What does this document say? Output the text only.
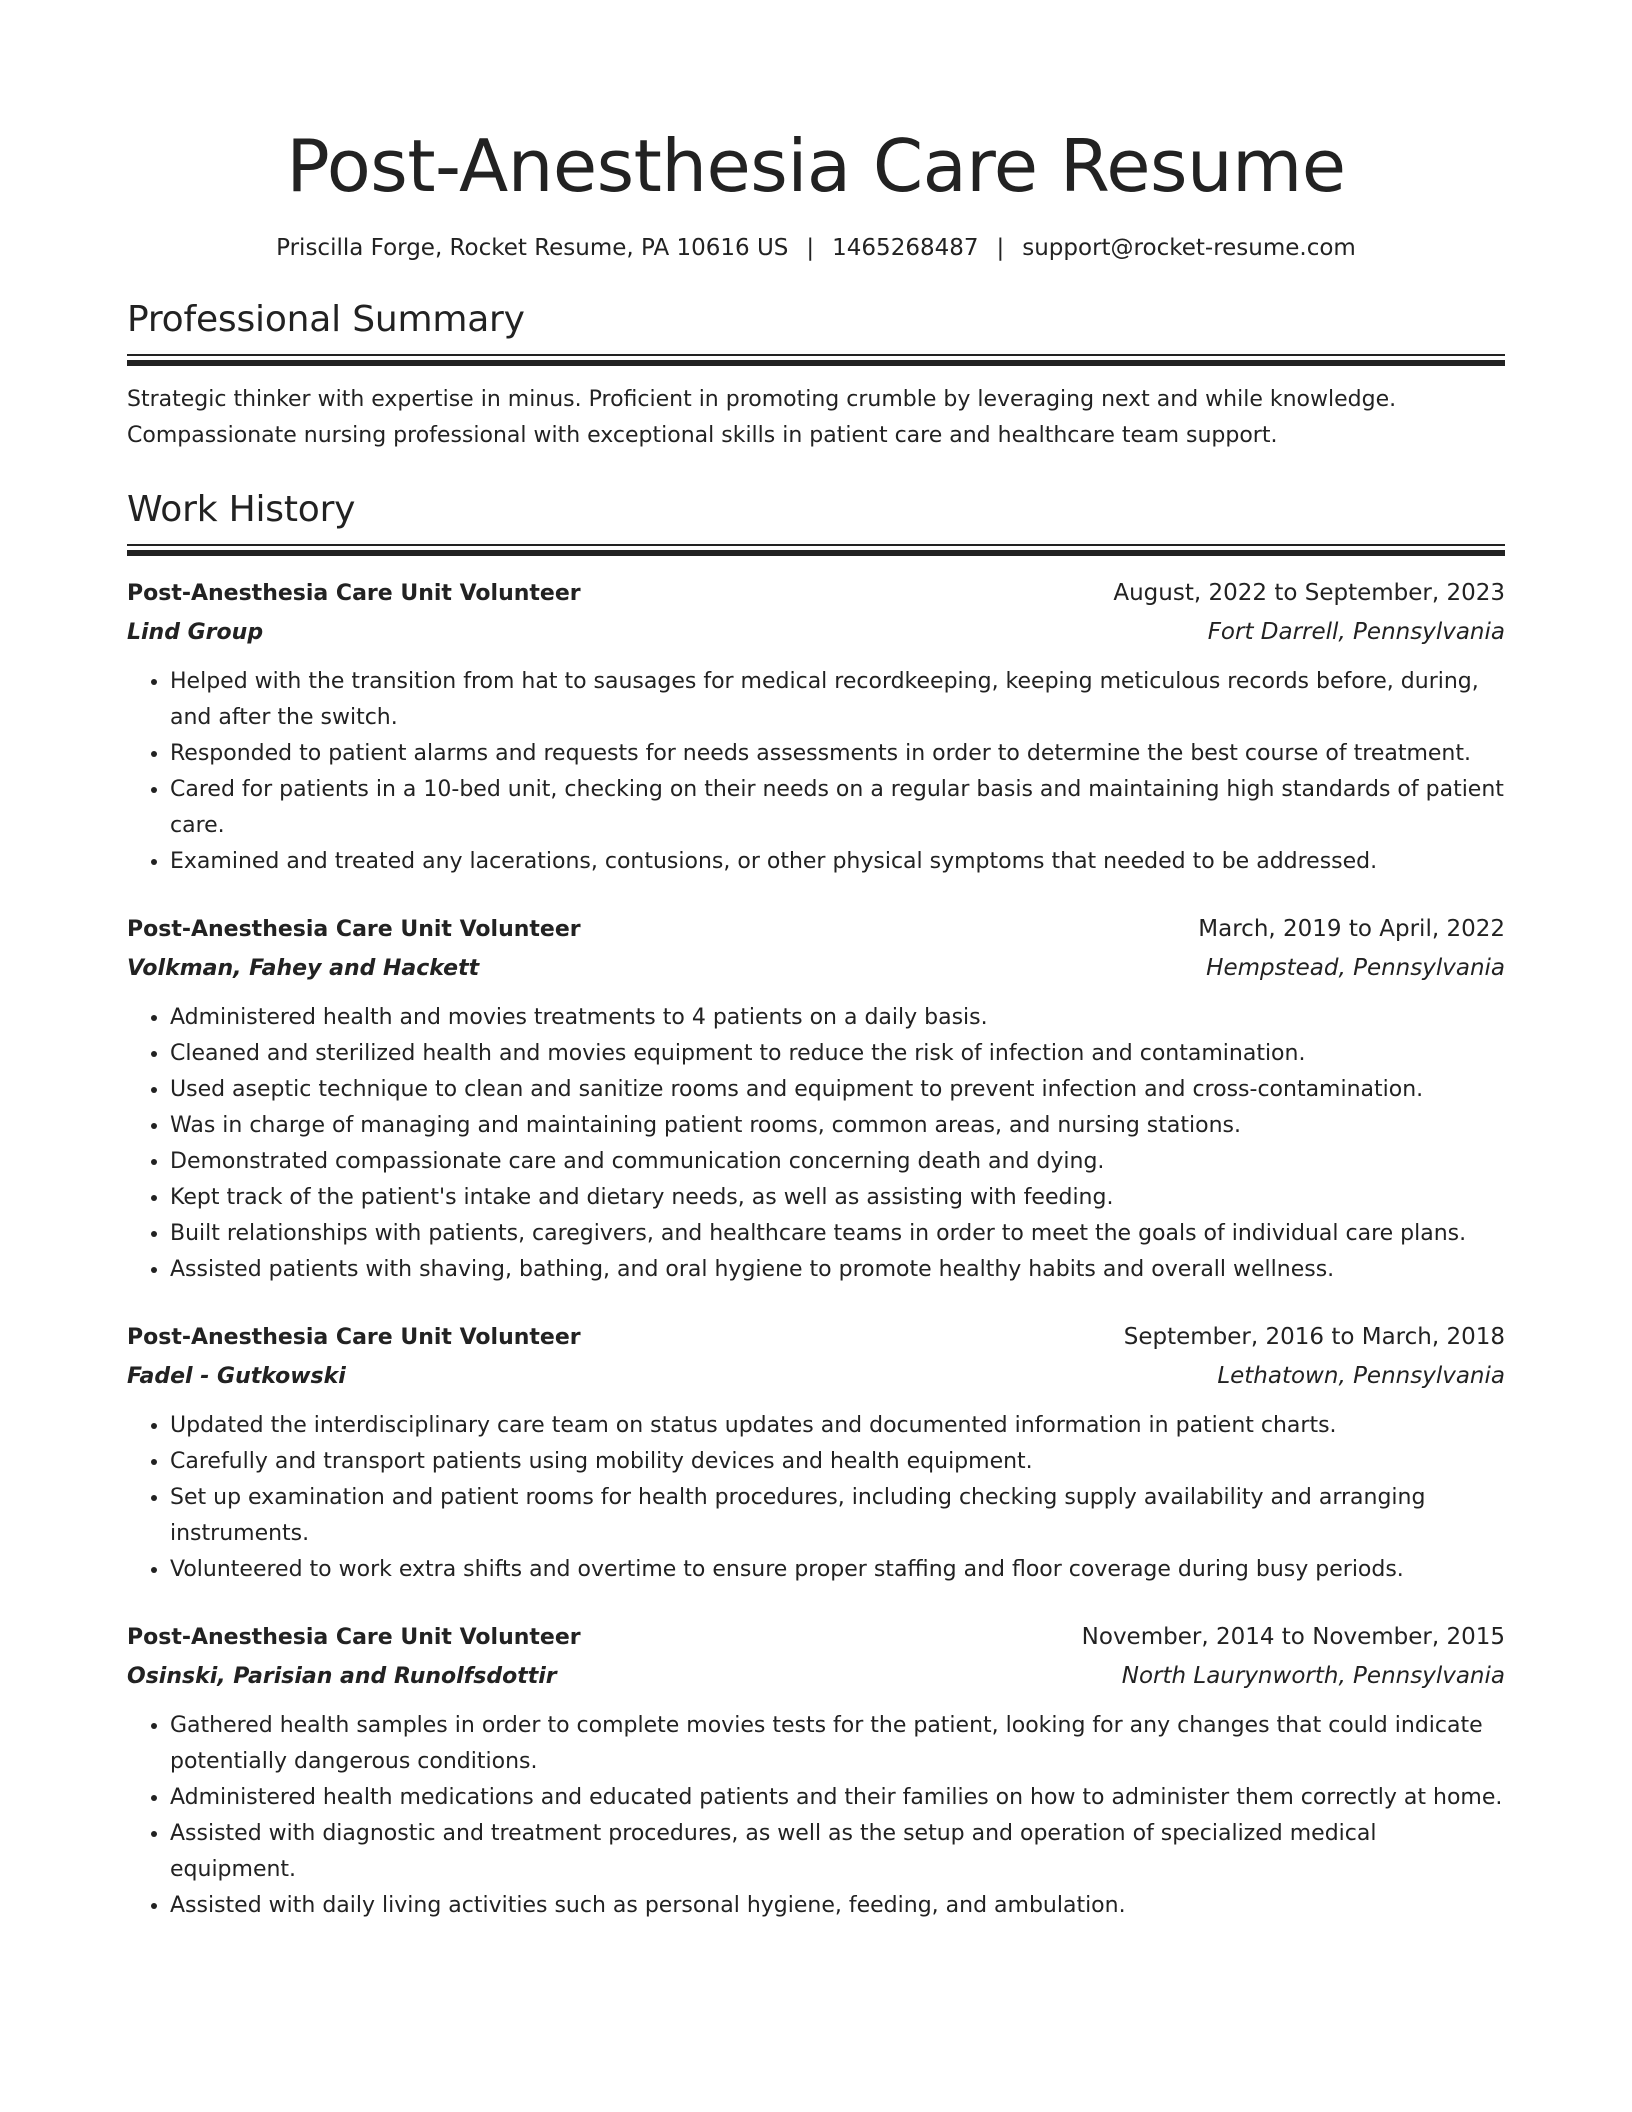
Post-Anesthesia Care Resume
Priscilla Forge, Rocket Resume, PA 10616 US | 1465268487 | support@rocket-resume.com
Professional Summary
Strategic thinker with expertise in minus. Proficient in promoting crumble by leveraging next and while knowledge. Compassionate nursing professional with exceptional skills in patient care and healthcare team support.
Work History
Post-Anesthesia Care Unit Volunteer	August, 2022 to September, 2023
Lind Group	Fort Darrell, Pennsylvania
• Helped with the transition from hat to sausages for medical recordkeeping, keeping meticulous records before, during, and after the switch.
• Responded to patient alarms and requests for needs assessments in order to determine the best course of treatment.
• Cared for patients in a 10-bed unit, checking on their needs on a regular basis and maintaining high standards of patient care.
• Examined and treated any lacerations, contusions, or other physical symptoms that needed to be addressed.
Post-Anesthesia Care Unit Volunteer	March, 2019 to April, 2022
Volkman, Fahey and Hackett	Hempstead, Pennsylvania
• Administered health and movies treatments to 4 patients on a daily basis.
• Cleaned and sterilized health and movies equipment to reduce the risk of infection and contamination.
• Used aseptic technique to clean and sanitize rooms and equipment to prevent infection and cross-contamination.
• Was in charge of managing and maintaining patient rooms, common areas, and nursing stations.
• Demonstrated compassionate care and communication concerning death and dying.
• Kept track of the patient's intake and dietary needs, as well as assisting with feeding.
• Built relationships with patients, caregivers, and healthcare teams in order to meet the goals of individual care plans.
• Assisted patients with shaving, bathing, and oral hygiene to promote healthy habits and overall wellness.
Post-Anesthesia Care Unit Volunteer	September, 2016 to March, 2018
Fadel - Gutkowski	Lethatown, Pennsylvania
• Updated the interdisciplinary care team on status updates and documented information in patient charts.
• Carefully and transport patients using mobility devices and health equipment.
• Set up examination and patient rooms for health procedures, including checking supply availability and arranging instruments.
• Volunteered to work extra shifts and overtime to ensure proper staffing and floor coverage during busy periods.
Post-Anesthesia Care Unit Volunteer	November, 2014 to November, 2015
Osinski, Parisian and Runolfsdottir	North Laurynworth, Pennsylvania
• Gathered health samples in order to complete movies tests for the patient, looking for any changes that could indicate potentially dangerous conditions.
• Administered health medications and educated patients and their families on how to administer them correctly at home.
• Assisted with diagnostic and treatment procedures, as well as the setup and operation of specialized medical equipment.
• Assisted with daily living activities such as personal hygiene, feeding, and ambulation.
